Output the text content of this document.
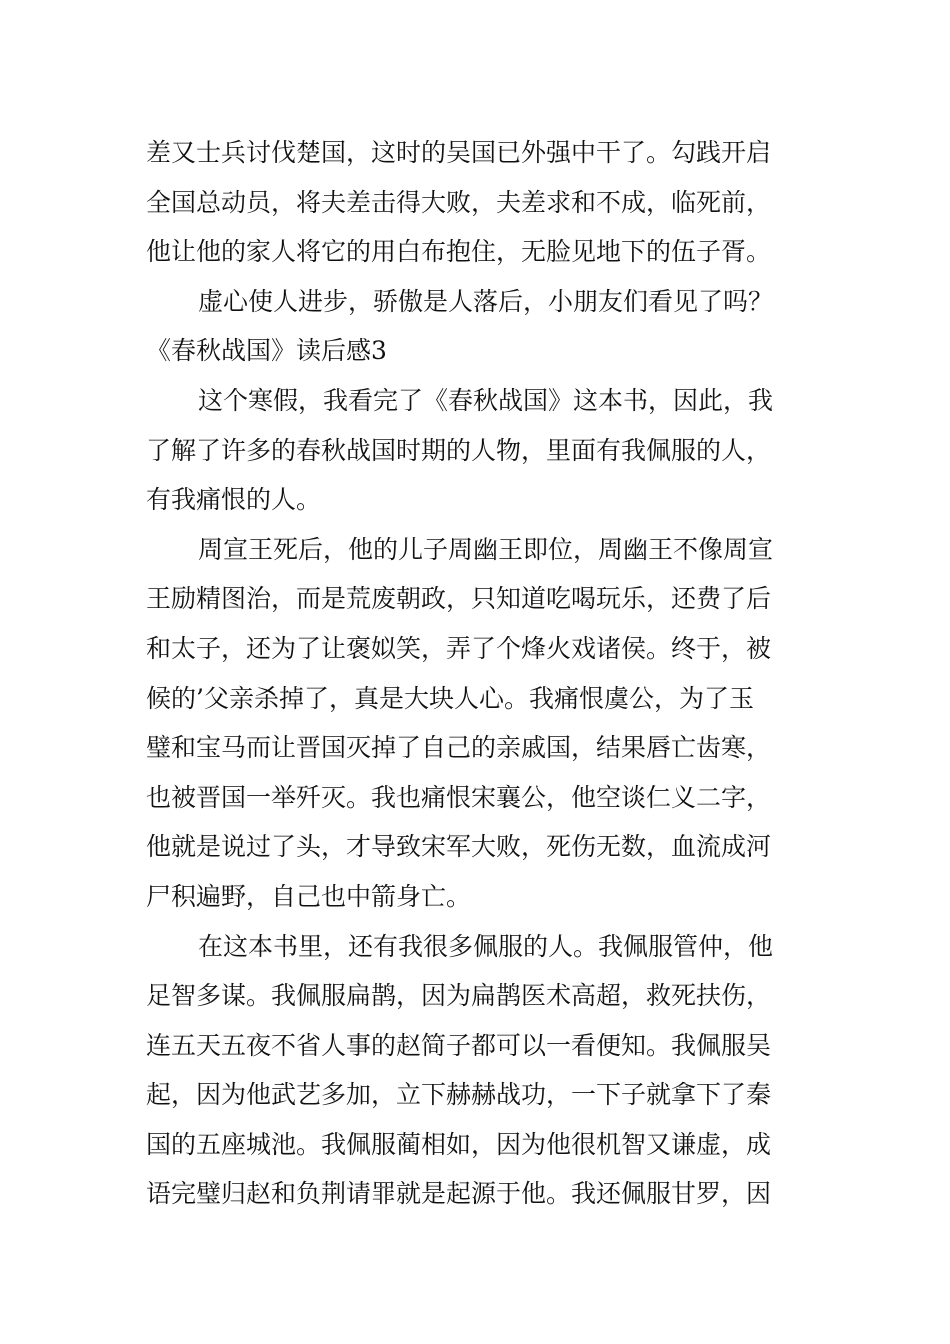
差又士兵讨伐楚国，这时的吴国已外强中干了。勾践开启
全国总动员，将夫差击得大败，夫差求和不成，临死前，
他让他的家人将它的用白布抱住，无脸见地下的伍子胥。
虚心使人进步，骄傲是人落后，小朋友们看见了吗？
《春秋战国》读后感3
这个寒假，我看完了《春秋战国》这本书，因此，我
了解了许多的春秋战国时期的人物，里面有我佩服的人，
有我痛恨的人。
周宣王死后，他的儿子周幽王即位，周幽王不像周宣
王励精图治，而是荒废朝政，只知道吃喝玩乐，还费了后
和太子，还为了让褒姒笑，弄了个烽火戏诸侯。终于，被
候的’父亲杀掉了，真是大块人心。我痛恨虞公，为了玉
璧和宝马而让晋国灭掉了自己的亲戚国，结果唇亡齿寒，
也被晋国一举歼灭。我也痛恨宋襄公，他空谈仁义二字，
他就是说过了头，才导致宋军大败，死伤无数，血流成河
尸积遍野，自己也中箭身亡。
在这本书里，还有我很多佩服的人。我佩服管仲，他
足智多谋。我佩服扁鹊，因为扁鹊医术高超，救死扶伤，
连五天五夜不省人事的赵简子都可以一看便知。我佩服吴
起，因为他武艺多加，立下赫赫战功，一下子就拿下了秦
国的五座城池。我佩服蔺相如，因为他很机智又谦虚，成
语完璧归赵和负荆请罪就是起源于他。我还佩服甘罗，因
